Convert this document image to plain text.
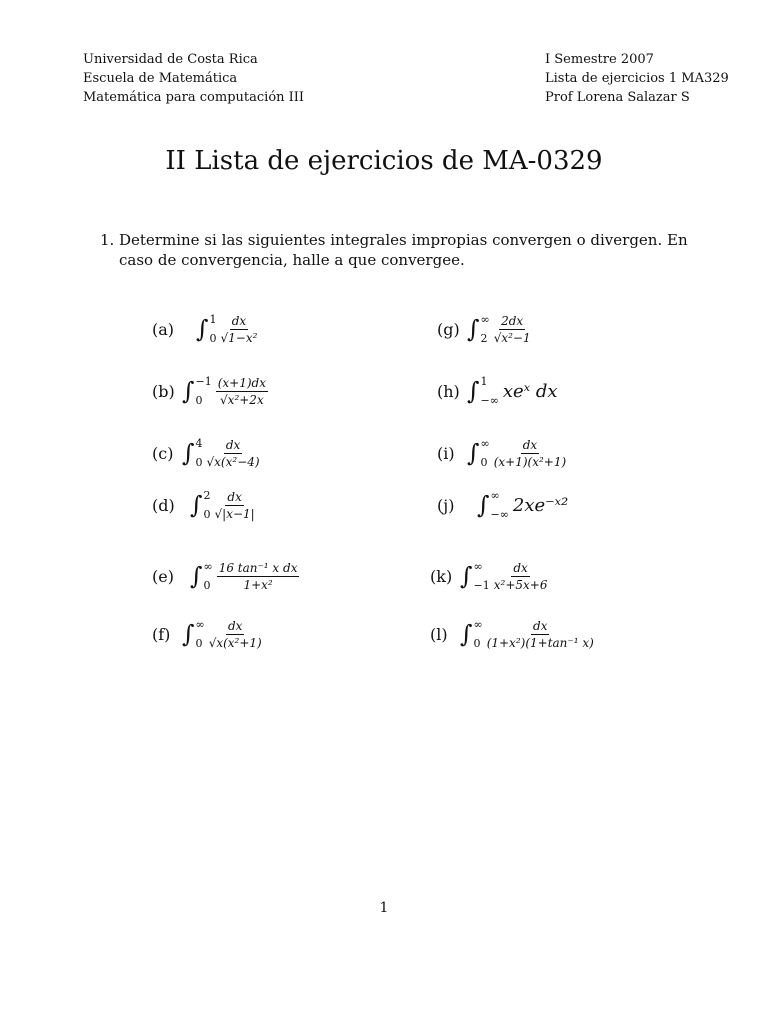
Universidad de Costa Rica
Escuela de Matemática
Matemática para computación III
I Semestre 2007
Lista de ejercicios 1 MA329
Prof Lorena Salazar S
II Lista de ejercicios de MA-0329
1. Determine si las siguientes integrales impropias convergen o divergen. En
caso de convergencia, halle a que convergee.
(a) ∫ 1
$0 \frac{dx}{\text{√1−x²}}$
(b) ∫ −1
0	$\frac{(x+1)dx}{\text{√x²+2x}}$
(c) ∫ 4
$0 \frac{dx}{\text{√x(x²−4)}}$
(d) ∫ 2
$0 \frac{dx}{√|x-1|}$
(e) ∫ ∞
$0 \frac{\text{16 tan⁻¹ x dx}}{\text{1+x²}}$
(f) ∫ ∞
$0 \frac{dx}{\text{√x(x²+1)}}$
(g) ∫ ∞
$2 \frac{2dx}{\text{√x²−1}}$
(h) ∫ 1
−∞ xeˣ dx
(i) ∫ ∞
$0 \frac{dx}{\text{(x+1)(x²+1)}}$
(j) ∫ ∞
−∞ 2xe⁻ˣ²
(k) ∫ ∞
$-1 \frac{dx}{\text{x²+5x+6}}$
(l) ∫ ∞
$0 \frac{dx}{\text{(1+x²)(1+tan⁻¹ x)}}$
1
